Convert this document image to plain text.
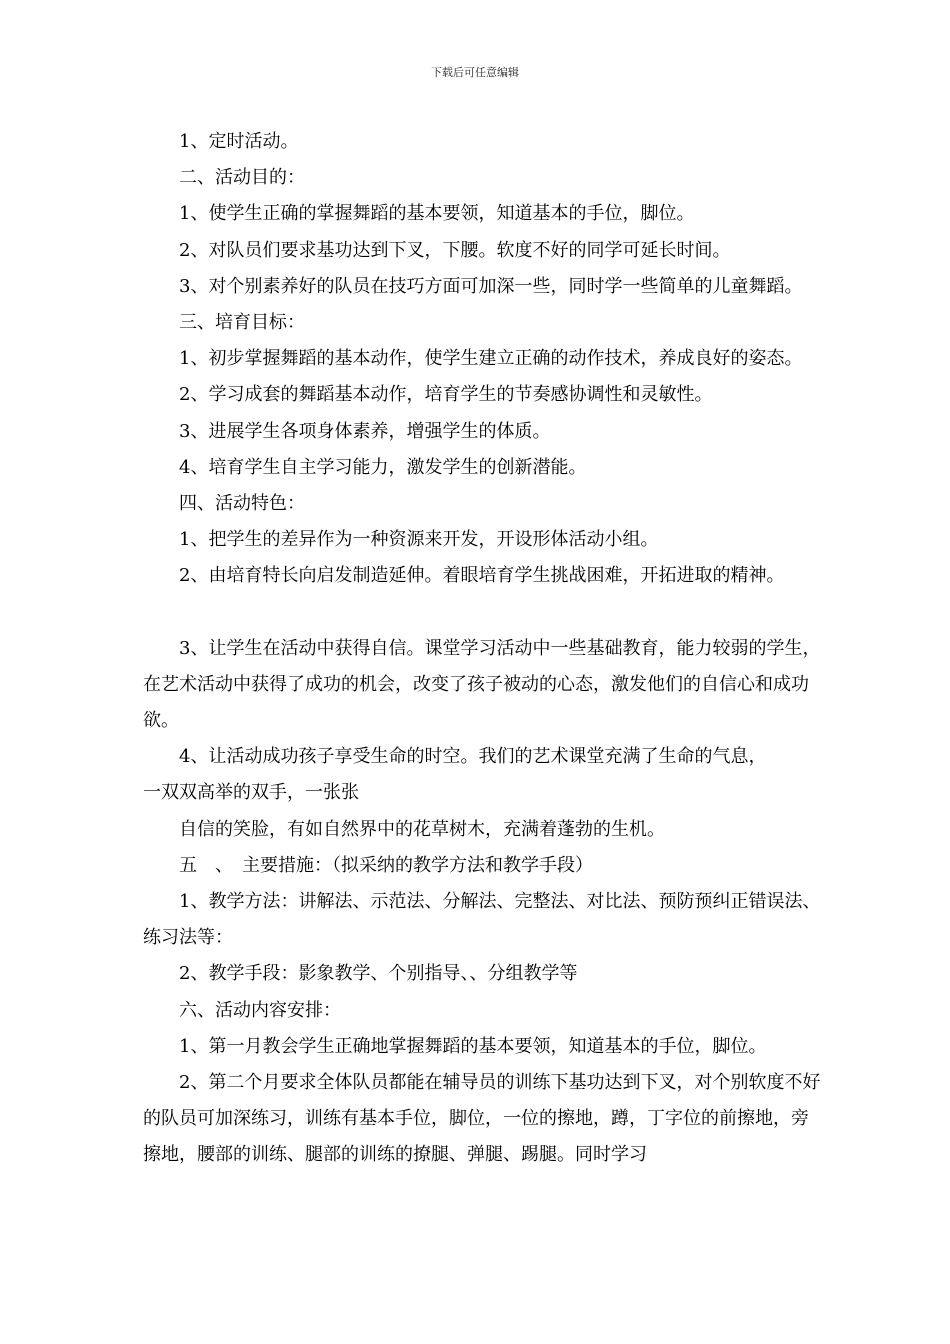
下载后可任意编辑

1、定时活动。

二、活动目的：

1、使学生正确的掌握舞蹈的基本要领，知道基本的手位，脚位。

2、对队员们要求基功达到下叉，下腰。软度不好的同学可延长时间。

3、对个别素养好的队员在技巧方面可加深一些，同时学一些简单的儿童舞蹈。

三、培育目标：

1、初步掌握舞蹈的基本动作，使学生建立正确的动作技术，养成良好的姿态。

2、学习成套的舞蹈基本动作，培育学生的节奏感协调性和灵敏性。

3、进展学生各项身体素养，增强学生的体质。

4、培育学生自主学习能力，激发学生的创新潜能。

四、活动特色：

1、把学生的差异作为一种资源来开发，开设形体活动小组。

2、由培育特长向启发制造延伸。着眼培育学生挑战困难，开拓进取的精神。

3、让学生在活动中获得自信。课堂学习活动中一些基础教育，能力较弱的学生，在艺术活动中获得了成功的机会，改变了孩子被动的心态，激发他们的自信心和成功欲。

4、让活动成功孩子享受生命的时空。我们的艺术课堂充满了生命的气息，

一双双高举的双手，一张张

自信的笑脸，有如自然界中的花草树木，充满着蓬勃的生机。

五　、　主要措施：（拟采纳的教学方法和教学手段）

1、教学方法：讲解法、示范法、分解法、完整法、对比法、预防预纠正错误法、练习法等：

2、教学手段：影象教学、个别指导、、分组教学等

六、活动内容安排：

1、第一月教会学生正确地掌握舞蹈的基本要领，知道基本的手位，脚位。

2、第二个月要求全体队员都能在辅导员的训练下基功达到下叉，对个别软度不好的队员可加深练习，训练有基本手位，脚位，一位的擦地，蹲，丁字位的前擦地，旁擦地，腰部的训练、腿部的训练的撩腿、弹腿、踢腿。同时学习
